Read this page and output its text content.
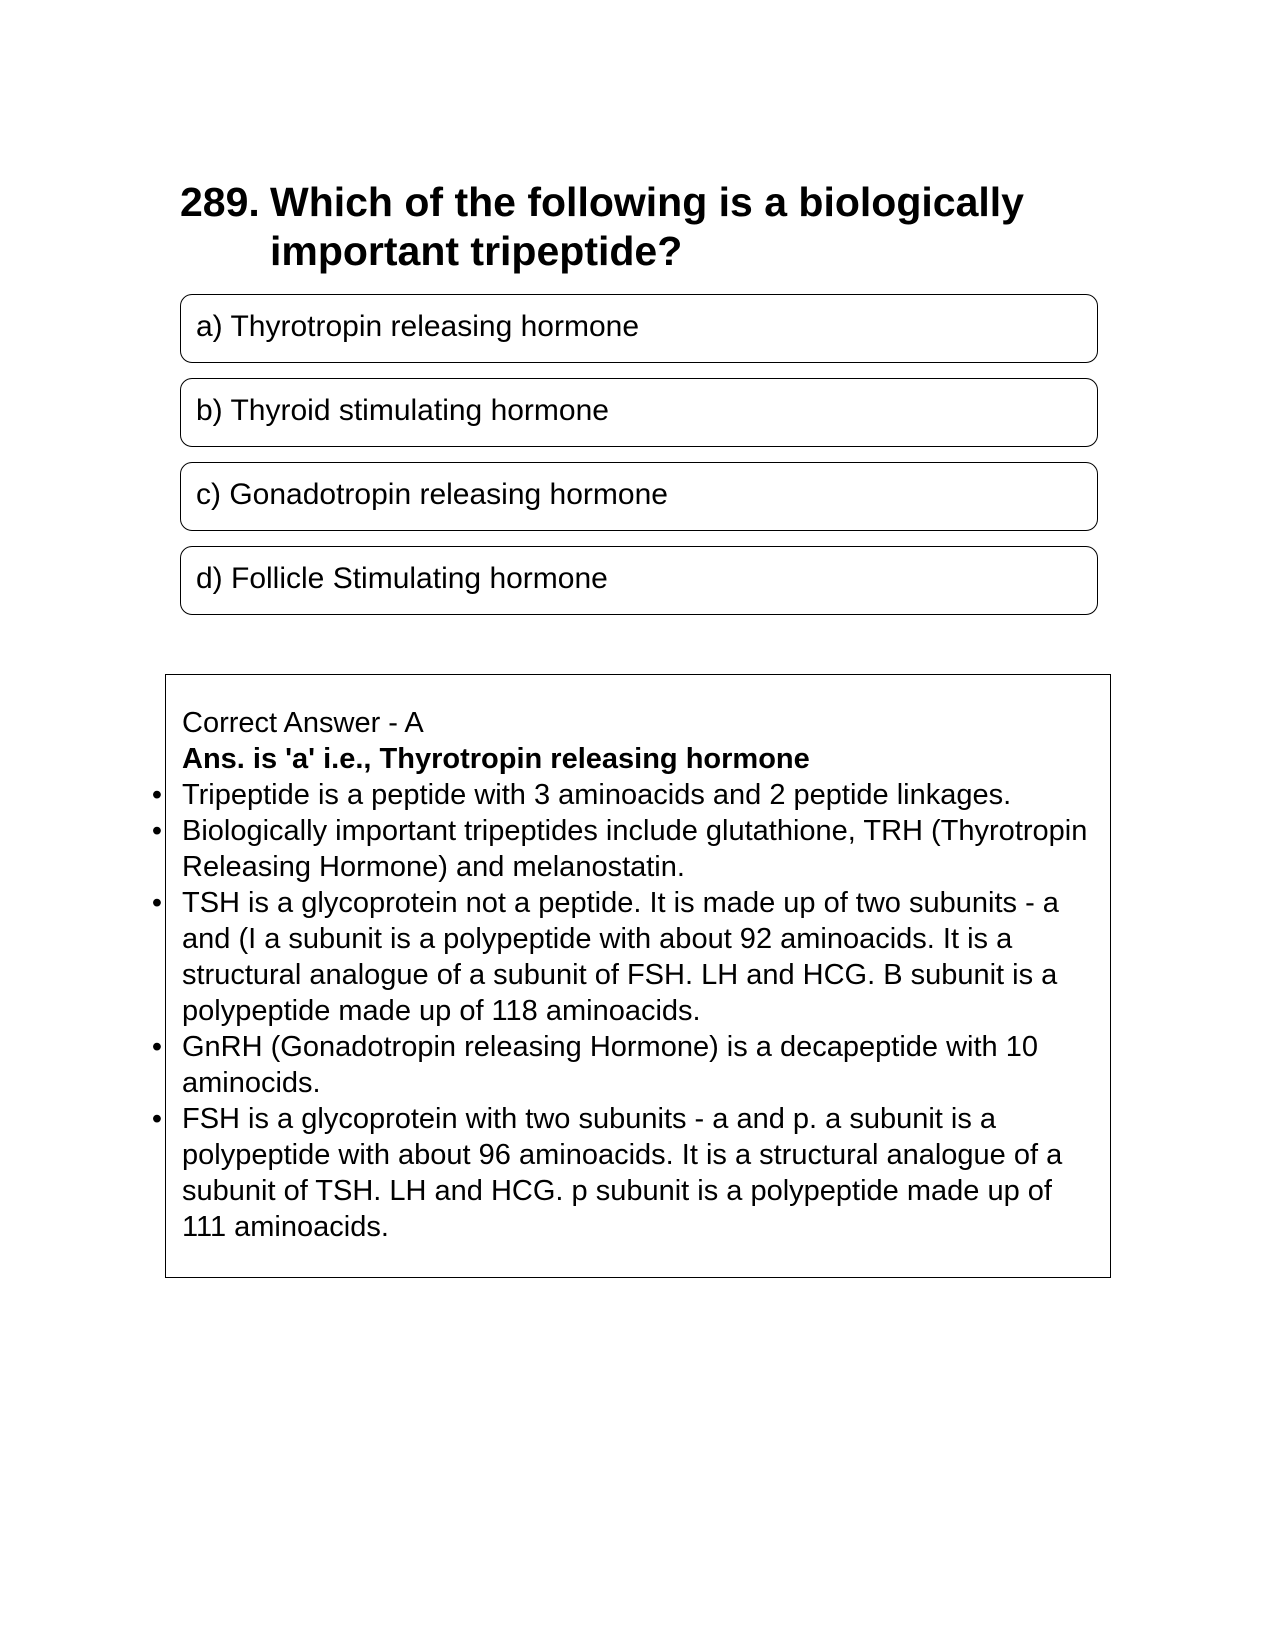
289. Which of the following is a biologically important tripeptide?
a) Thyrotropin releasing hormone
b) Thyroid stimulating hormone
c) Gonadotropin releasing hormone
d) Follicle Stimulating hormone
Correct Answer - A
Ans. is 'a' i.e., Thyrotropin releasing hormone
• Tripeptide is a peptide with 3 aminoacids and 2 peptide linkages.
• Biologically important tripeptides include glutathione, TRH (Thyrotropin Releasing Hormone) and melanostatin.
• TSH is a glycoprotein not a peptide. It is made up of two subunits - a and (I a subunit is a polypeptide with about 92 aminoacids. It is a structural analogue of a subunit of FSH. LH and HCG. B subunit is a polypeptide made up of 118 aminoacids.
• GnRH (Gonadotropin releasing Hormone) is a decapeptide with 10 aminocids.
• FSH is a glycoprotein with two subunits - a and p. a subunit is a polypeptide with about 96 aminoacids. It is a structural analogue of a subunit of TSH. LH and HCG. p subunit is a polypeptide made up of 111 aminoacids.
